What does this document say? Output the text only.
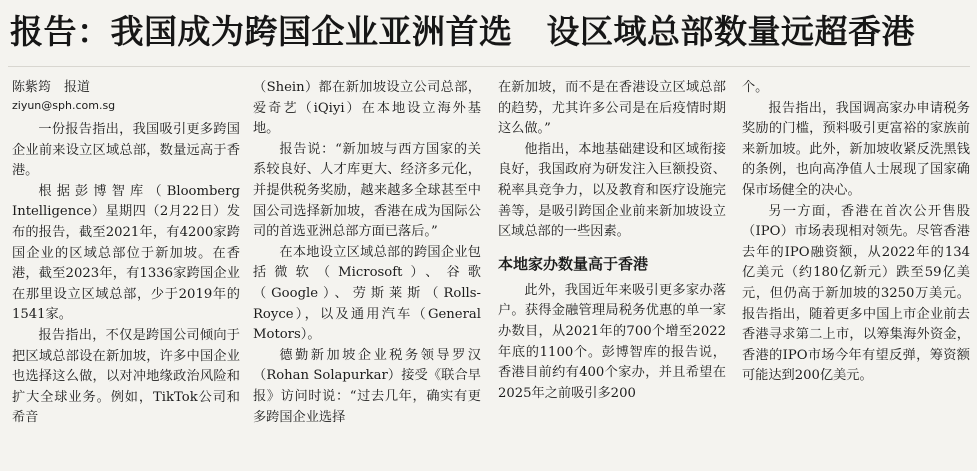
报告：我国成为跨国企业亚洲首选 设区域总部数量远超香港
陈紫筠　报道
ziyun@sph.com.sg

一份报告指出，我国吸引更多跨国企业前来设立区域总部，数量远高于香港。

根据彭博智库（Bloomberg Intelligence）星期四（2月22日）发布的报告，截至2021年，有4200家跨国企业的区域总部位于新加坡。在香港，截至2023年，有1336家跨国企业在那里设立区域总部，少于2019年的1541家。

报告指出，不仅是跨国公司倾向于把区域总部设在新加坡，许多中国企业也选择这么做，以对冲地缘政治风险和扩大全球业务。例如，TikTok公司和希音

（Shein）都在新加坡设立公司总部，爱奇艺（iQiyi）在本地设立海外基地。

报告说：“新加坡与西方国家的关系较良好、人才库更大、经济多元化，并提供税务奖励，越来越多全球甚至中国公司选择新加坡，香港在成为国际公司的首选亚洲总部方面已落后。”

在本地设立区域总部的跨国企业包括微软（Microsoft）、谷歌（Google）、劳斯莱斯（Rolls-Royce），以及通用汽车（General Motors）。

德勤新加坡企业税务领导罗汉（Rohan Solapurkar）接受《联合早报》访问时说：“过去几年，确实有更多跨国企业选择

在新加坡，而不是在香港设立区域总部的趋势，尤其许多公司是在后疫情时期这么做。”

他指出，本地基础建设和区域衔接良好，我国政府为研发注入巨额投资、税率具竞争力，以及教育和医疗设施完善等，是吸引跨国企业前来新加坡设立区域总部的一些因素。

本地家办数量高于香港

此外，我国近年来吸引更多家办落户。获得金融管理局税务优惠的单一家办数目，从2021年的700个增至2022年底的1100个。彭博智库的报告说，香港目前约有400个家办，并且希望在2025年之前吸引多200

个。

报告指出，我国调高家办申请税务奖励的门槛，预料吸引更富裕的家族前来新加坡。此外，新加坡收紧反洗黑钱的条例，也向高净值人士展现了国家确保市场健全的决心。

另一方面，香港在首次公开售股（IPO）市场表现相对领先。尽管香港去年的IPO融资额，从2022年的134亿美元（约180亿新元）跌至59亿美元，但仍高于新加坡的3250万美元。报告指出，随着更多中国上市企业前去香港寻求第二上市，以筹集海外资金，香港的IPO市场今年有望反弹，筹资额可能达到200亿美元。
